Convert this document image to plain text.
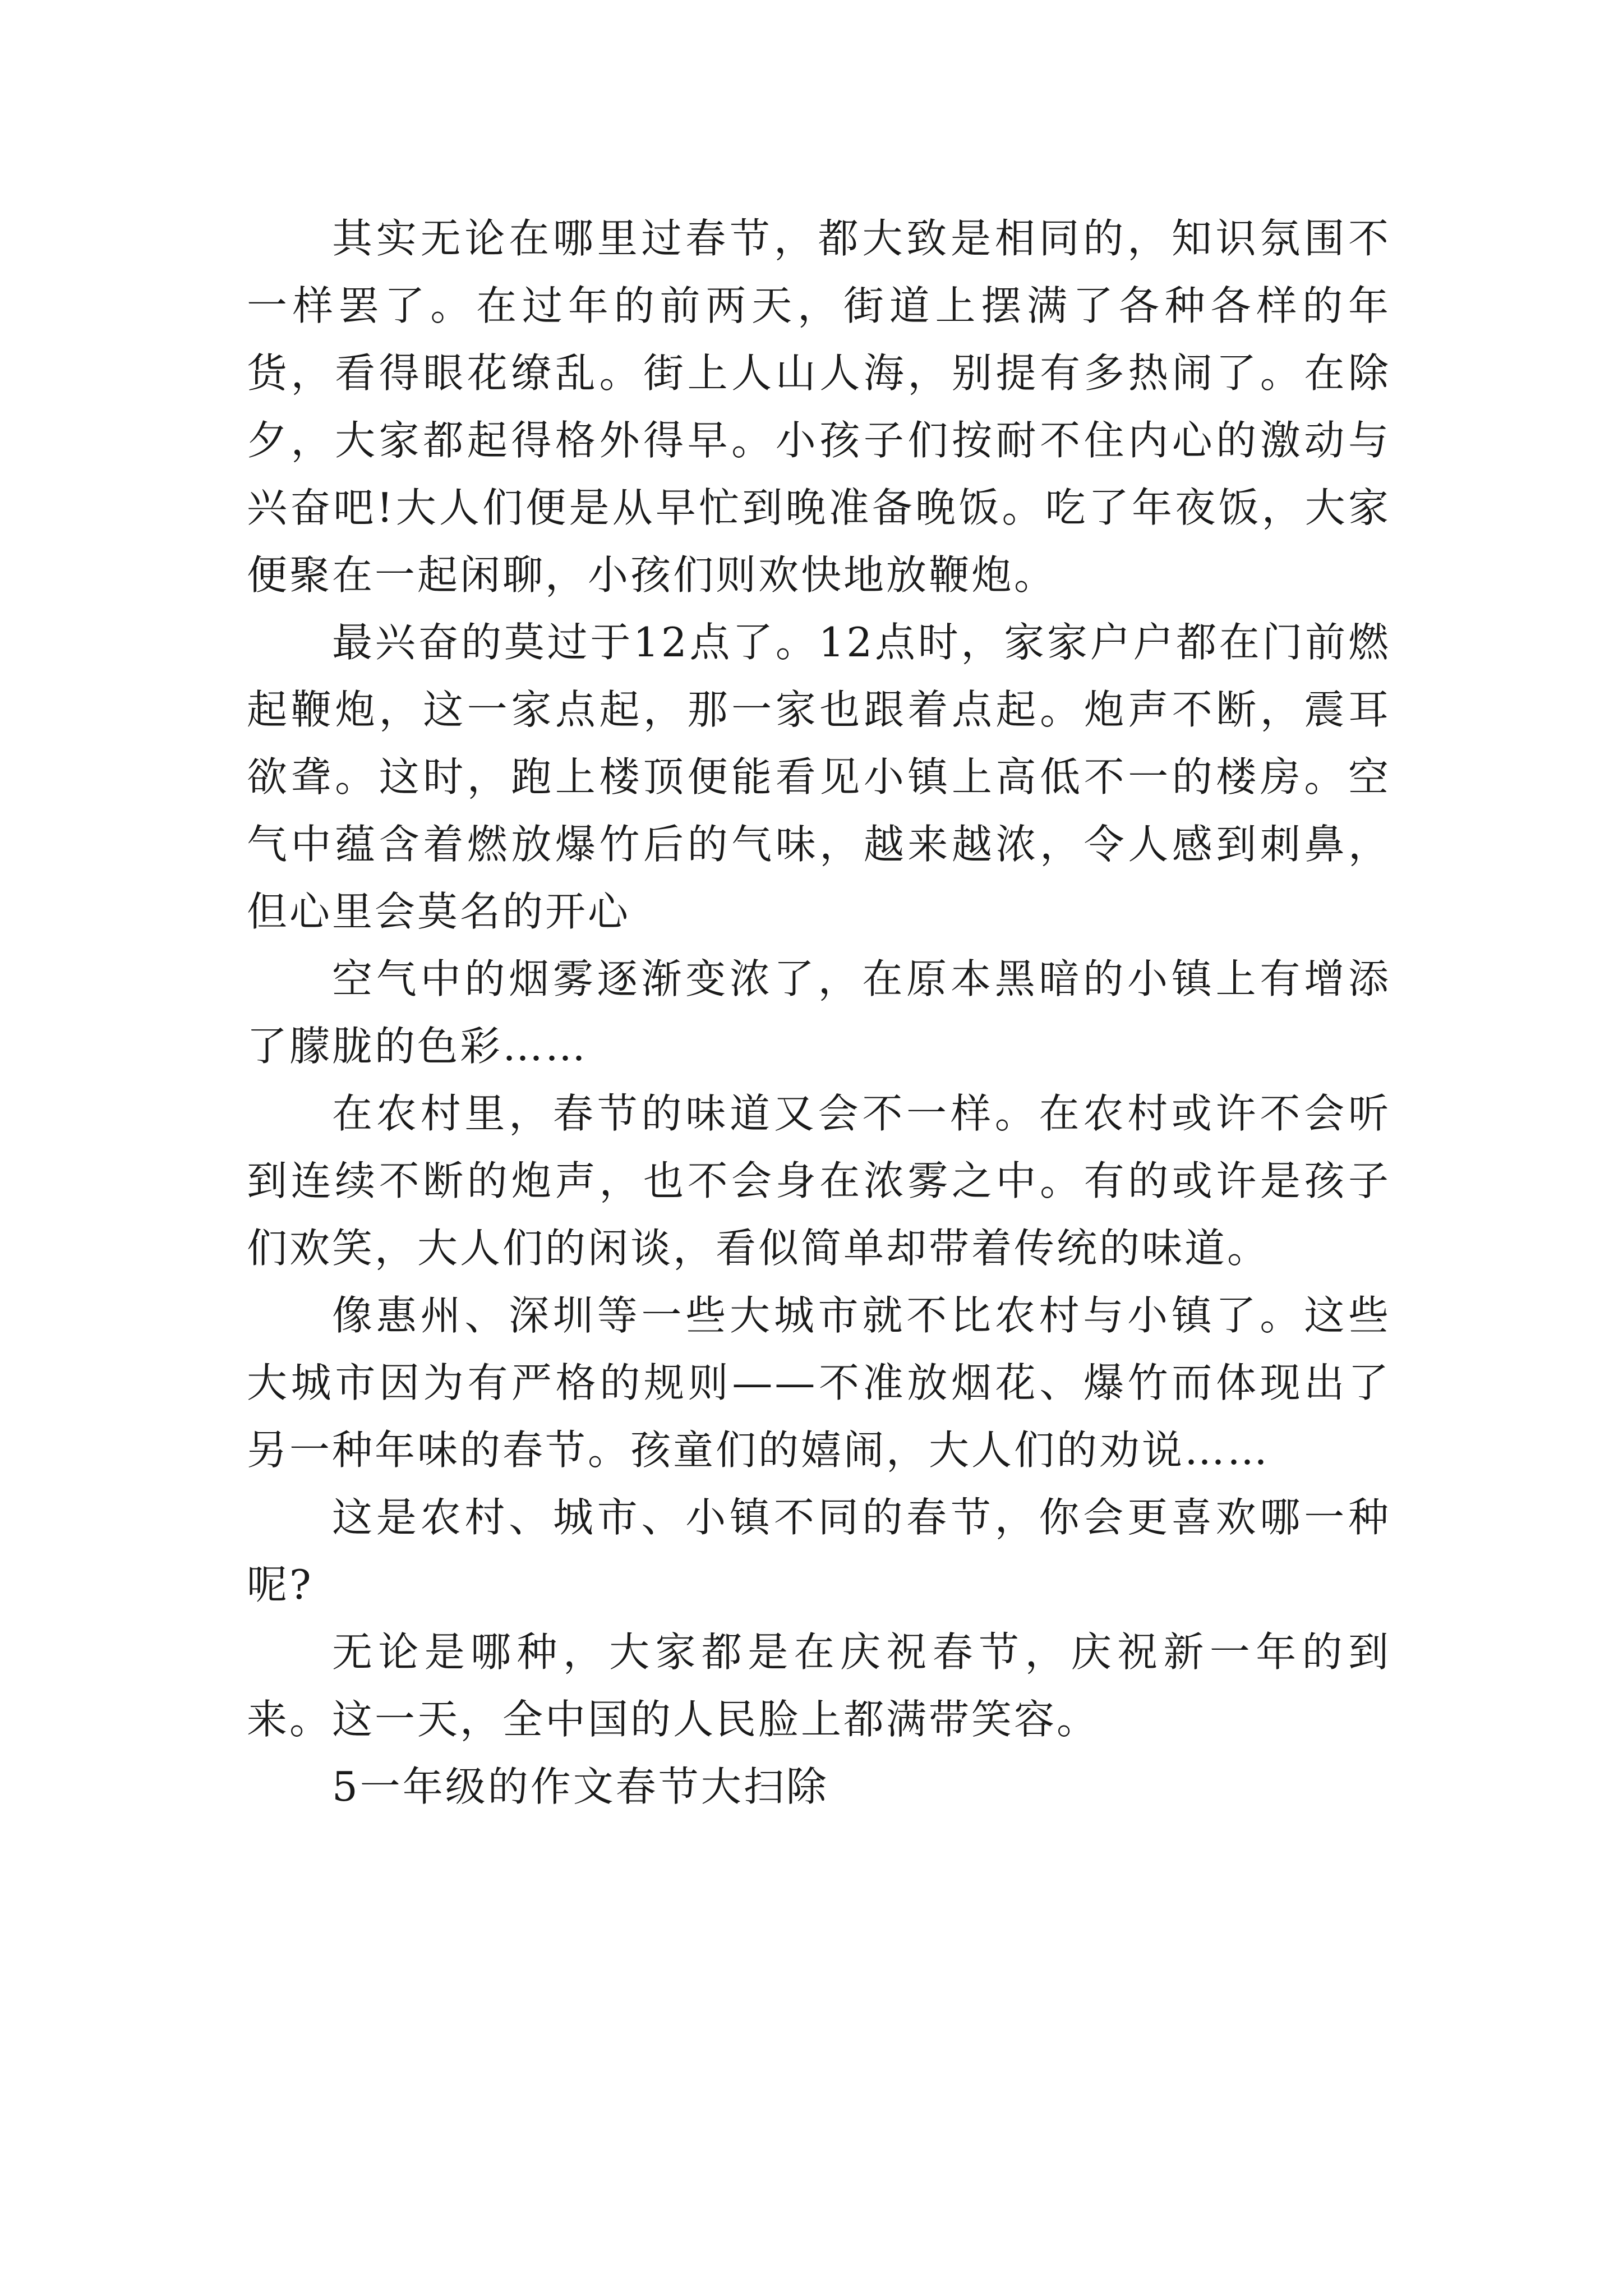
其实无论在哪里过春节，都大致是相同的，知识氛围不一样罢了。在过年的前两天，街道上摆满了各种各样的年货，看得眼花缭乱。街上人山人海，别提有多热闹了。在除夕，大家都起得格外得早。小孩子们按耐不住内心的激动与兴奋吧!大人们便是从早忙到晚准备晚饭。吃了年夜饭，大家便聚在一起闲聊，小孩们则欢快地放鞭炮。

最兴奋的莫过于12点了。12点时，家家户户都在门前燃起鞭炮，这一家点起，那一家也跟着点起。炮声不断，震耳欲聋。这时，跑上楼顶便能看见小镇上高低不一的楼房。空气中蕴含着燃放爆竹后的气味，越来越浓，令人感到刺鼻，但心里会莫名的开心

空气中的烟雾逐渐变浓了，在原本黑暗的小镇上有增添了朦胧的色彩……

在农村里，春节的味道又会不一样。在农村或许不会听到连续不断的炮声，也不会身在浓雾之中。有的或许是孩子们欢笑，大人们的闲谈，看似简单却带着传统的味道。

像惠州、深圳等一些大城市就不比农村与小镇了。这些大城市因为有严格的规则——不准放烟花、爆竹而体现出了另一种年味的春节。孩童们的嬉闹，大人们的劝说……

这是农村、城市、小镇不同的春节，你会更喜欢哪一种呢?

无论是哪种，大家都是在庆祝春节，庆祝新一年的到来。这一天，全中国的人民脸上都满带笑容。

5一年级的作文春节大扫除
